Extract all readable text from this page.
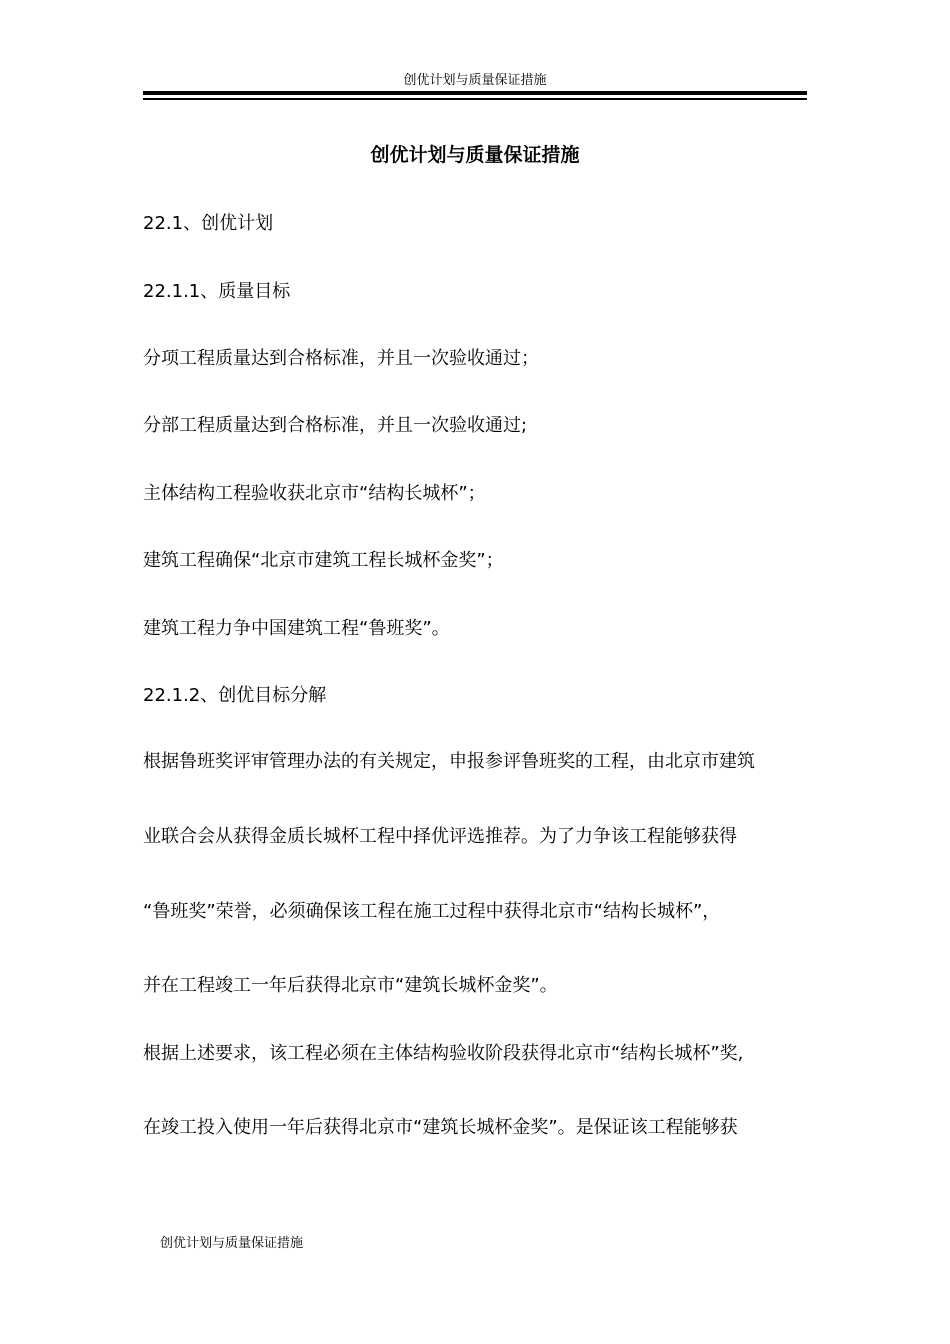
创优计划与质量保证措施
创优计划与质量保证措施
22.1、创优计划
22.1.1、质量目标
分项工程质量达到合格标准，并且一次验收通过；
分部工程质量达到合格标准，并且一次验收通过;
主体结构工程验收获北京市“结构长城杯”；
建筑工程确保“北京市建筑工程长城杯金奖”；
建筑工程力争中国建筑工程“鲁班奖”。
22.1.2、创优目标分解
根据鲁班奖评审管理办法的有关规定，申报参评鲁班奖的工程，由北京市建筑
业联合会从获得金质长城杯工程中择优评选推荐。为了力争该工程能够获得
“鲁班奖”荣誉，必须确保该工程在施工过程中获得北京市“结构长城杯”，
并在工程竣工一年后获得北京市“建筑长城杯金奖”。
根据上述要求，该工程必须在主体结构验收阶段获得北京市“结构长城杯”奖,
在竣工投入使用一年后获得北京市“建筑长城杯金奖”。是保证该工程能够获
创优计划与质量保证措施
